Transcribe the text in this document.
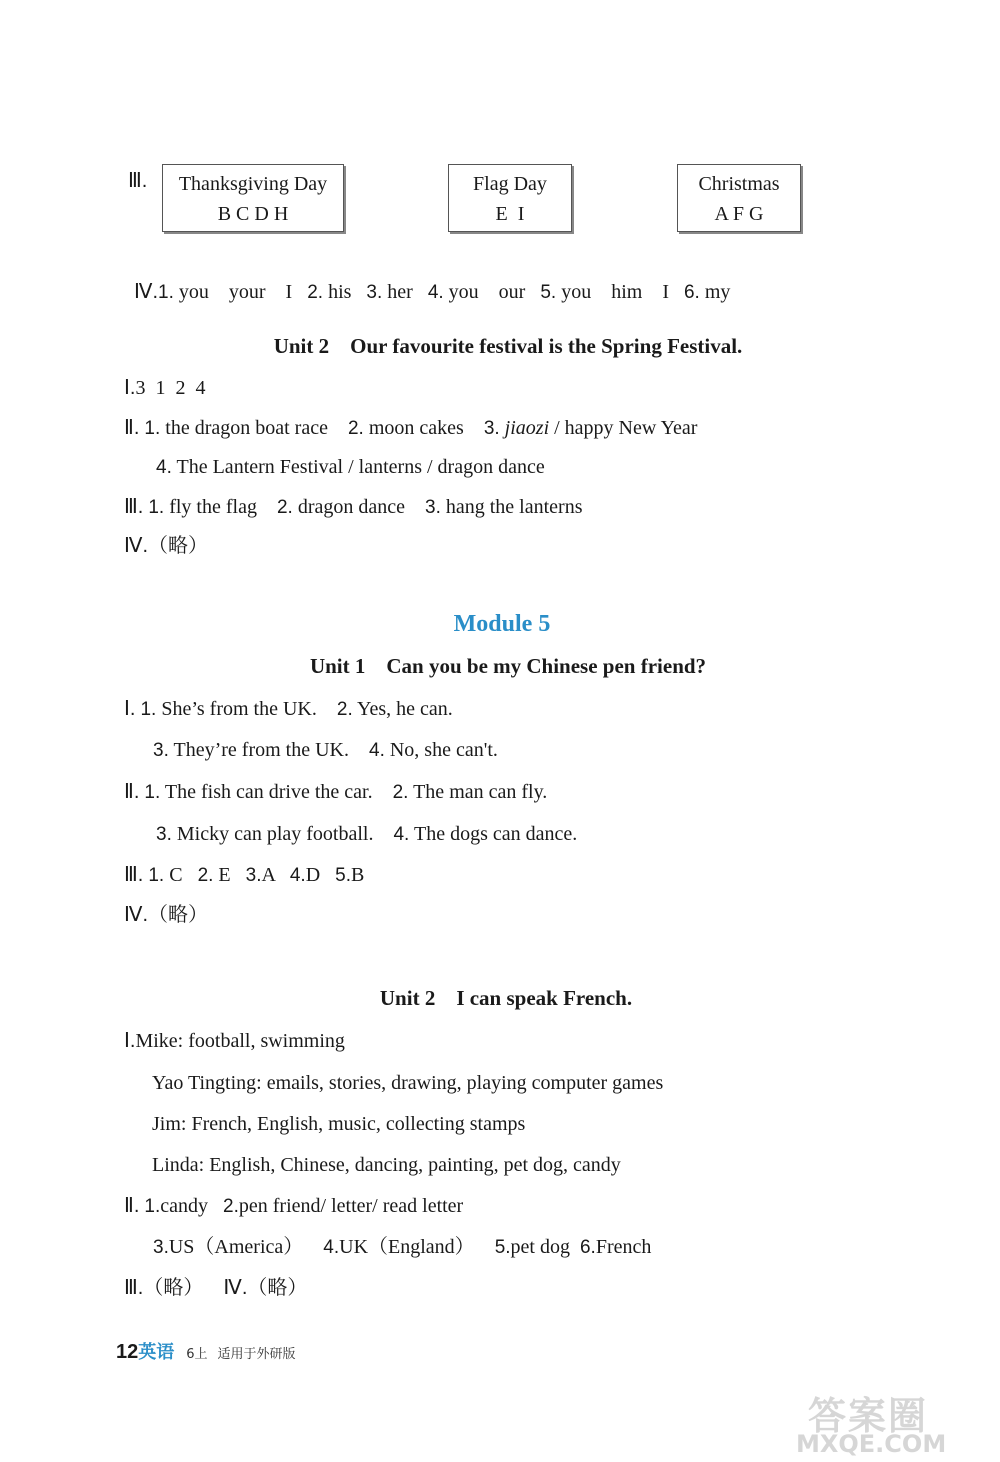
Ⅲ.	Thanksgiving Day
B C D H
Flag Day
E  I
Christmas
A F G

Ⅳ.1. you    your    I 2. his 3. her 4. you    our 5. you    him    I 6. my

Unit 2    Our favourite festival is the Spring Festival.
Ⅰ.3  1  2  4
Ⅱ. 1. the dragon boat race 2. moon cakes 3. jiaozi / happy New Year
4. The Lantern Festival / lanterns / dragon dance
Ⅲ. 1. fly the flag 2. dragon dance 3. hang the lanterns
Ⅳ.（略）
Module 5
Unit 1    Can you be my Chinese pen friend?
Ⅰ. 1. She’s from the UK. 2. Yes, he can.
3. They’re from the UK. 4. No, she can't.
Ⅱ. 1. The fish can drive the car. 2. The man can fly.
3. Micky can play football. 4. The dogs can dance.
Ⅲ. 1. C 2. E 3.A 4.D 5.B
Ⅳ.（略）
Unit 2    I can speak French.
Ⅰ.Mike: football, swimming
Yao Tingting: emails, stories, drawing, playing computer games
Jim: French, English, music, collecting stamps
Linda: English, Chinese, dancing, painting, pet dog, candy
Ⅱ. 1.candy 2.pen friend/ letter/ read letter
3.US（America） 4.UK（England） 5.pet dog 6.French
Ⅲ.（略） Ⅳ.（略）
12英语 6上 适用于外研版
答案圈
MXQE.COM
